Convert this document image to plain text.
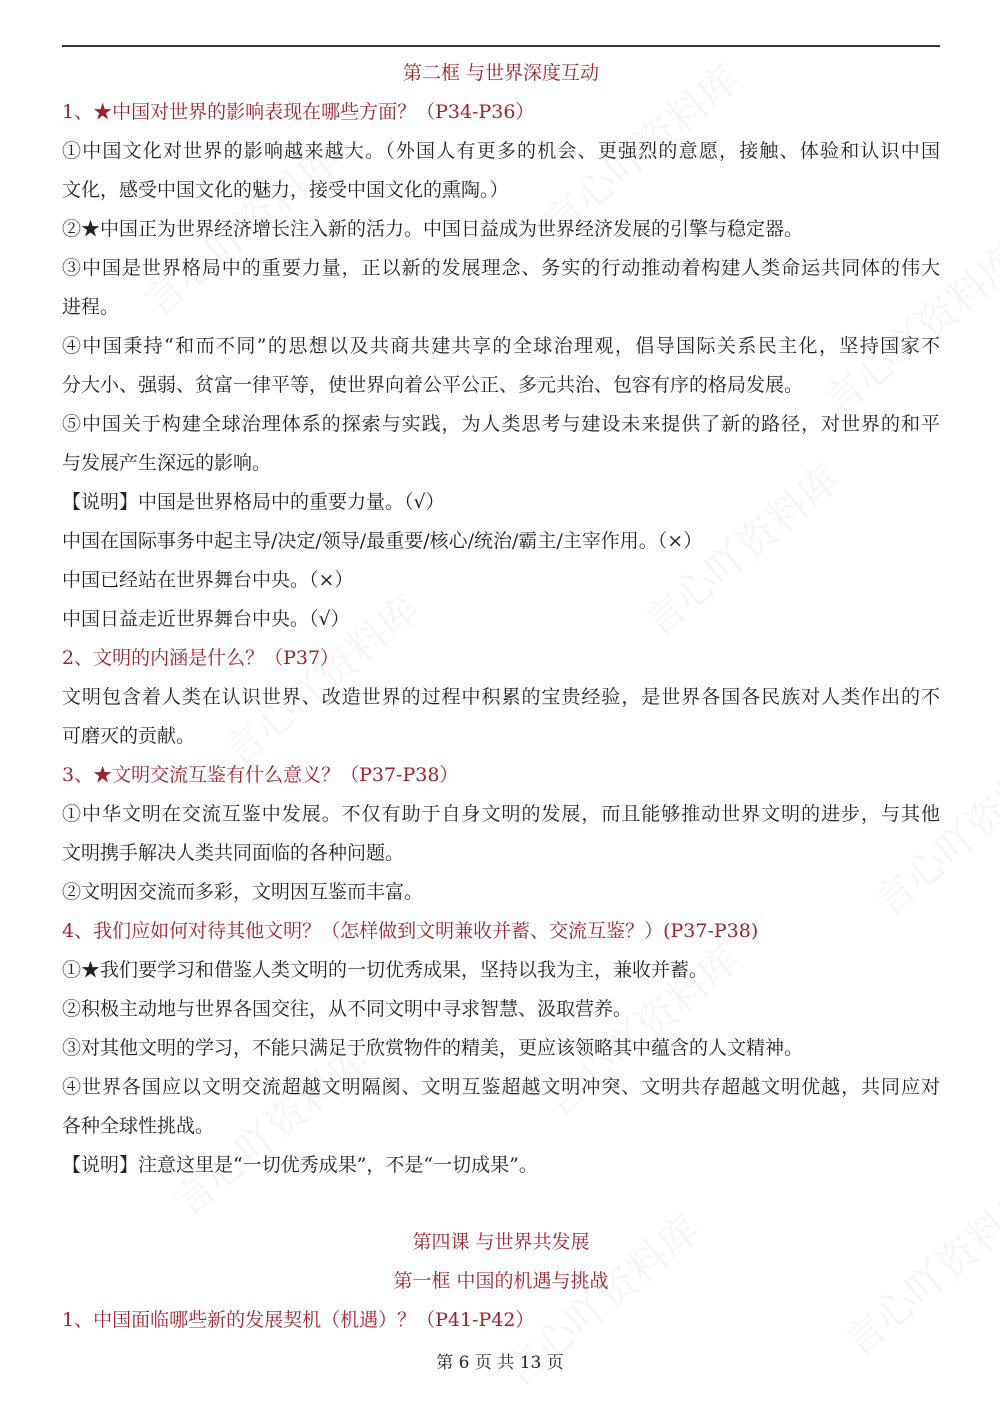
第二框 与世界深度互动
1、★中国对世界的影响表现在哪些方面？（P34-P36）
①中国文化对世界的影响越来越大。（外国人有更多的机会、更强烈的意愿，接触、体验和认识中国
文化，感受中国文化的魅力，接受中国文化的熏陶。）
②★中国正为世界经济增长注入新的活力。中国日益成为世界经济发展的引擎与稳定器。
③中国是世界格局中的重要力量，正以新的发展理念、务实的行动推动着构建人类命运共同体的伟大
进程。
④中国秉持“和而不同”的思想以及共商共建共享的全球治理观，倡导国际关系民主化，坚持国家不
分大小、强弱、贫富一律平等，使世界向着公平公正、多元共治、包容有序的格局发展。
⑤中国关于构建全球治理体系的探索与实践，为人类思考与建设未来提供了新的路径，对世界的和平
与发展产生深远的影响。
【说明】中国是世界格局中的重要力量。（√）
中国在国际事务中起主导/决定/领导/最重要/核心/统治/霸主/主宰作用。（×）
中国已经站在世界舞台中央。（×）
中国日益走近世界舞台中央。（√）
2、文明的内涵是什么？（P37）
文明包含着人类在认识世界、改造世界的过程中积累的宝贵经验，是世界各国各民族对人类作出的不
可磨灭的贡献。
3、★文明交流互鉴有什么意义？（P37-P38）
①中华文明在交流互鉴中发展。不仅有助于自身文明的发展，而且能够推动世界文明的进步，与其他
文明携手解决人类共同面临的各种问题。
②文明因交流而多彩，文明因互鉴而丰富。
4、我们应如何对待其他文明？（怎样做到文明兼收并蓄、交流互鉴？）(P37-P38)
①★我们要学习和借鉴人类文明的一切优秀成果，坚持以我为主，兼收并蓄。
②积极主动地与世界各国交往，从不同文明中寻求智慧、汲取营养。
③对其他文明的学习，不能只满足于欣赏物件的精美，更应该领略其中蕴含的人文精神。
④世界各国应以文明交流超越文明隔阂、文明互鉴超越文明冲突、文明共存超越文明优越，共同应对
各种全球性挑战。
【说明】注意这里是“一切优秀成果”，不是“一切成果”。
第四课 与世界共发展
第一框 中国的机遇与挑战
1、中国面临哪些新的发展契机（机遇）？（P41-P42）
第 6 页 共 13 页
